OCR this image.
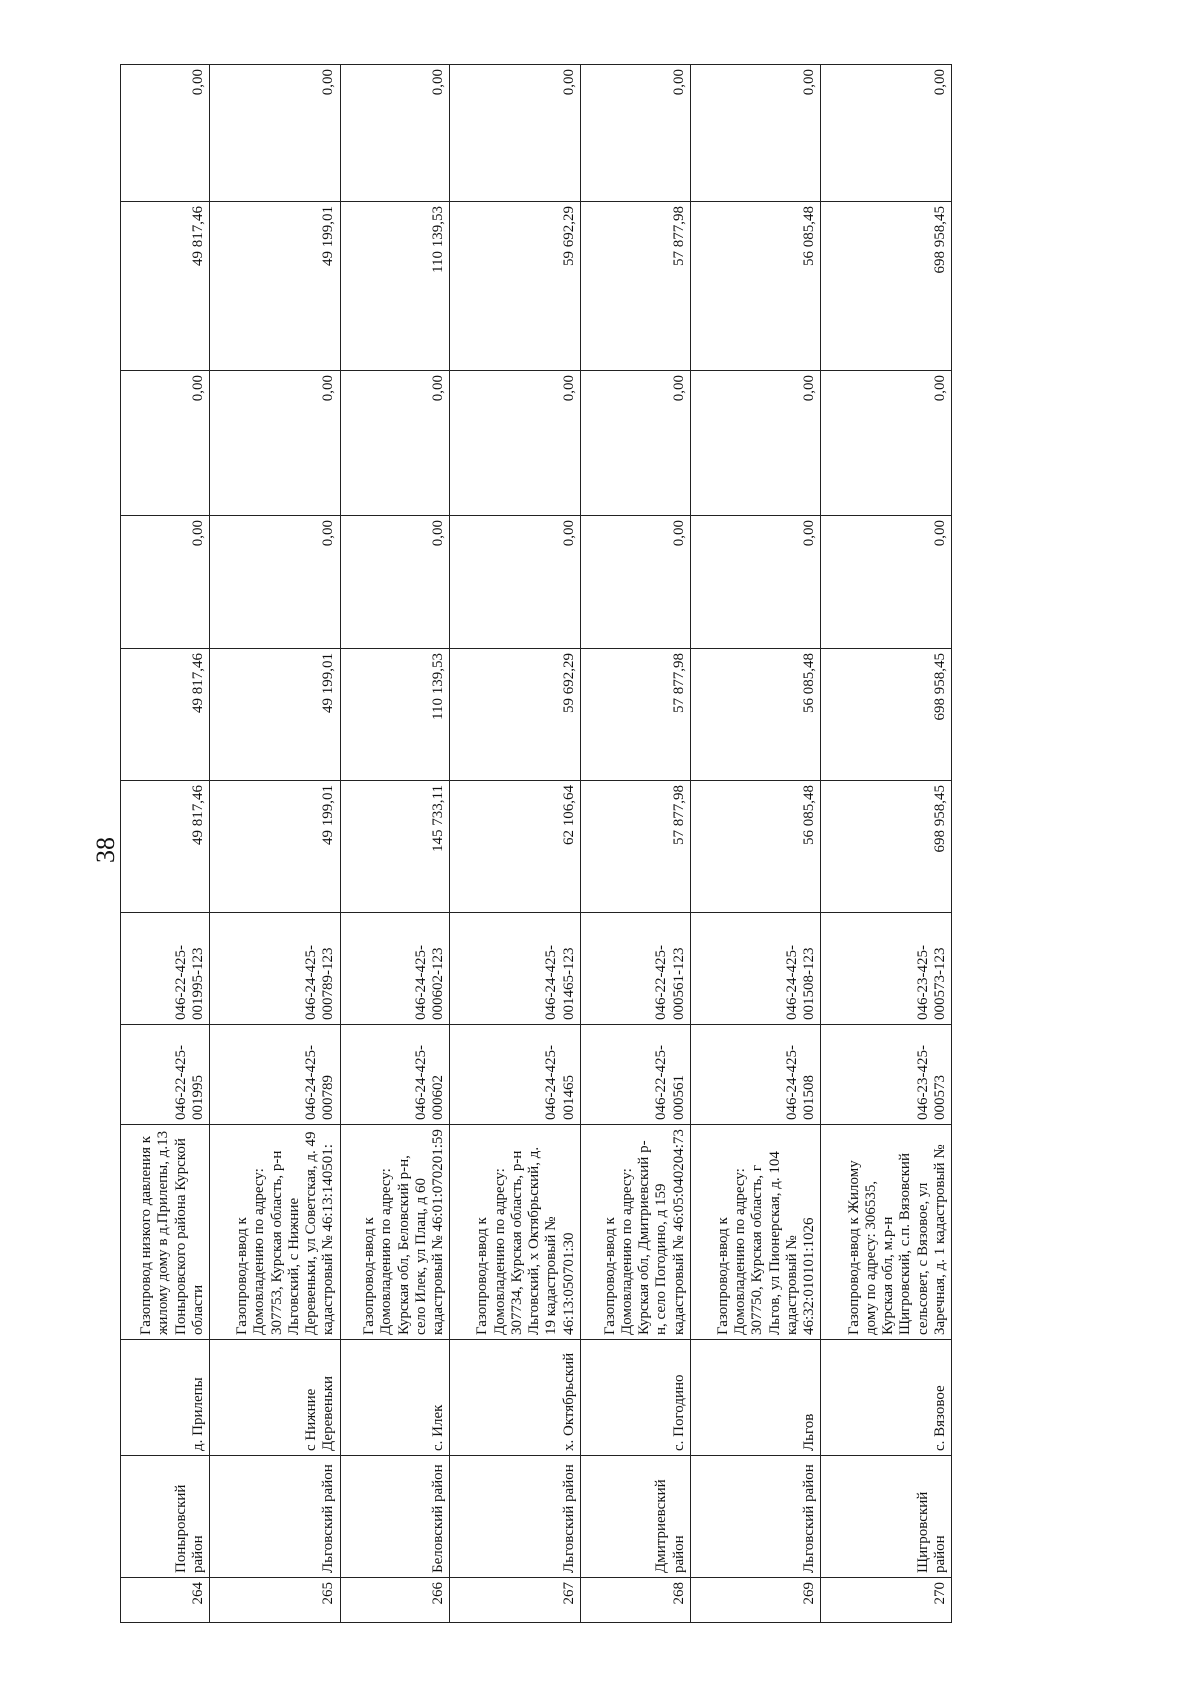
38
264	Поныровский район	д. Прилепы	Газопровод низкого давления к жилому дому в д.Прилепы, д.13 Поныровского района Курской области	046-22-425-001995	046-22-425-001995-123	49 817,46	49 817,46	0,00	0,00	49 817,46	0,00
265	Льговский район	с Нижние Деревеньки	Газопровод-ввод к Домовладению по адресу: 307753, Курская область, р-н Льговский, с Нижние Деревеньки, ул Советская, д. 49 кадастровый № 46:13:140501:	046-24-425-000789	046-24-425-000789-123	49 199,01	49 199,01	0,00	0,00	49 199,01	0,00
266	Беловский район	с. Илек	Газопровод-ввод к Домовладению по адресу: Курская обл, Беловский р-н, село Илек, ул Плац, д 60 кадастровый № 46:01:070201:59	046-24-425-000602	046-24-425-000602-123	145 733,11	110 139,53	0,00	0,00	110 139,53	0,00
267	Льговский район	х. Октябрьский	Газопровод-ввод к Домовладению по адресу: 307734, Курская область, р-н Льговский, х Октябрьский, д. 19 кадастровый № 46:13:050701:30	046-24-425-001465	046-24-425-001465-123	62 106,64	59 692,29	0,00	0,00	59 692,29	0,00
268	Дмитриевский район	с. Погодино	Газопровод-ввод к Домовладению по адресу: Курская обл, Дмитриевский р-н, село Погодино, д 159 кадастровый № 46:05:040204:73	046-22-425-000561	046-22-425-000561-123	57 877,98	57 877,98	0,00	0,00	57 877,98	0,00
269	Льговский район	Льгов	Газопровод-ввод к Домовладению по адресу: 307750, Курская область, г Льгов, ул Пионерская, д. 104 кадастровый № 46:32:010101:1026	046-24-425-001508	046-24-425-001508-123	56 085,48	56 085,48	0,00	0,00	56 085,48	0,00
270	Щигровский район	с. Вязовое	Газопровод-ввод к Жилому дому по адресу: 306535, Курская обл, м.р-н Щигровский, с.п. Вязовский сельсовет, с Вязовое, ул Заречная, д. 1 кадастровый №	046-23-425-000573	046-23-425-000573-123	698 958,45	698 958,45	0,00	0,00	698 958,45	0,00
